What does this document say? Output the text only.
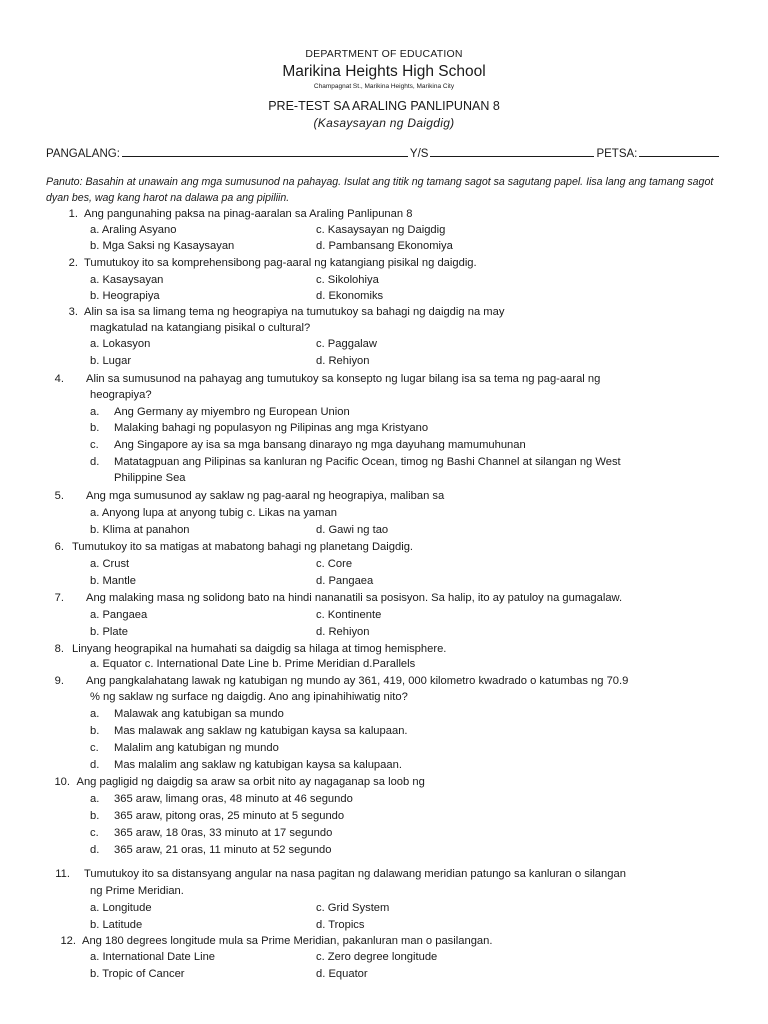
DEPARTMENT OF EDUCATION
Marikina Heights High School
Champagnat St., Marikina Heights, Marikina City
PRE-TEST SA ARALING PANLIPUNAN 8
(Kasaysayan ng Daigdig)
PANGALANG:	Y/S	PETSA:
Panuto: Basahin at unawain ang mga sumusunod na pahayag. Isulat ang titik ng tamang sagot sa sagutang papel. Iisa lang ang tamang sagot dyan bes, wag kang harot na dalawa pa ang pipiliin.
1. Ang pangunahing paksa na pinag-aaralan sa Araling Panlipunan 8
a. Araling Asyano	c. Kasaysayan ng Daigdig
b. Mga Saksi ng Kasaysayan	d. Pambansang Ekonomiya
2. Tumutukoy ito sa komprehensibong pag-aaral ng katangiang pisikal ng daigdig.
a. Kasaysayan	c. Sikolohiya
b. Heograpiya	d. Ekonomiks
3. Alin sa isa sa limang tema ng heograpiya na tumutukoy sa bahagi ng daigdig na may
magkatulad na katangiang pisikal o cultural?
a. Lokasyon	c. Paggalaw
b. Lugar	d. Rehiyon
4. Alin sa sumusunod na pahayag ang tumutukoy sa konsepto ng lugar bilang isa sa tema ng pag-aaral ng
heograpiya?
a. Ang Germany ay miyembro ng European Union
b. Malaking bahagi ng populasyon ng Pilipinas ang mga Kristyano
c. Ang Singapore ay isa sa mga bansang dinarayo ng mga dayuhang mamumuhunan
d. Matatagpuan ang Pilipinas sa kanluran ng Pacific Ocean, timog ng Bashi Channel at silangan ng West
Philippine Sea
5. Ang mga sumusunod ay saklaw ng pag-aaral ng heograpiya, maliban sa
a. Anyong lupa at anyong tubig c. Likas na yaman
b. Klima at panahon	d. Gawi ng tao
6. Tumutukoy ito sa matigas at mabatong bahagi ng planetang Daigdig.
a. Crust	c. Core
b. Mantle	d. Pangaea
7. Ang malaking masa ng solidong bato na hindi nananatili sa posisyon. Sa halip, ito ay patuloy na gumagalaw.
a. Pangaea	c. Kontinente
b. Plate	d. Rehiyon
8. Linyang heograpikal na humahati sa daigdig sa hilaga at timog hemisphere.
a. Equator c. International Date Line b. Prime Meridian d.Parallels
9. Ang pangkalahatang lawak ng katubigan ng mundo ay 361, 419, 000 kilometro kwadrado o katumbas ng 70.9
% ng saklaw ng surface ng daigdig. Ano ang ipinahihiwatig nito?
a. Malawak ang katubigan sa mundo
b. Mas malawak ang saklaw ng katubigan kaysa sa kalupaan.
c. Malalim ang katubigan ng mundo
d. Mas malalim ang saklaw ng katubigan kaysa sa kalupaan.
10. Ang pagligid ng daigdig sa araw sa orbit nito ay nagaganap sa loob ng
a. 365 araw, limang oras, 48 minuto at 46 segundo
b. 365 araw, pitong oras, 25 minuto at 5 segundo
c. 365 araw, 18 0ras, 33 minuto at 17 segundo
d. 365 araw, 21 oras, 11 minuto at 52 segundo
11. Tumutukoy ito sa distansyang angular na nasa pagitan ng dalawang meridian patungo sa kanluran o silangan
ng Prime Meridian.
a. Longitude	c. Grid System
b. Latitude	d. Tropics
12. Ang 180 degrees longitude mula sa Prime Meridian, pakanluran man o pasilangan.
a. International Date Line	c. Zero degree longitude
b. Tropic of Cancer	d. Equator
